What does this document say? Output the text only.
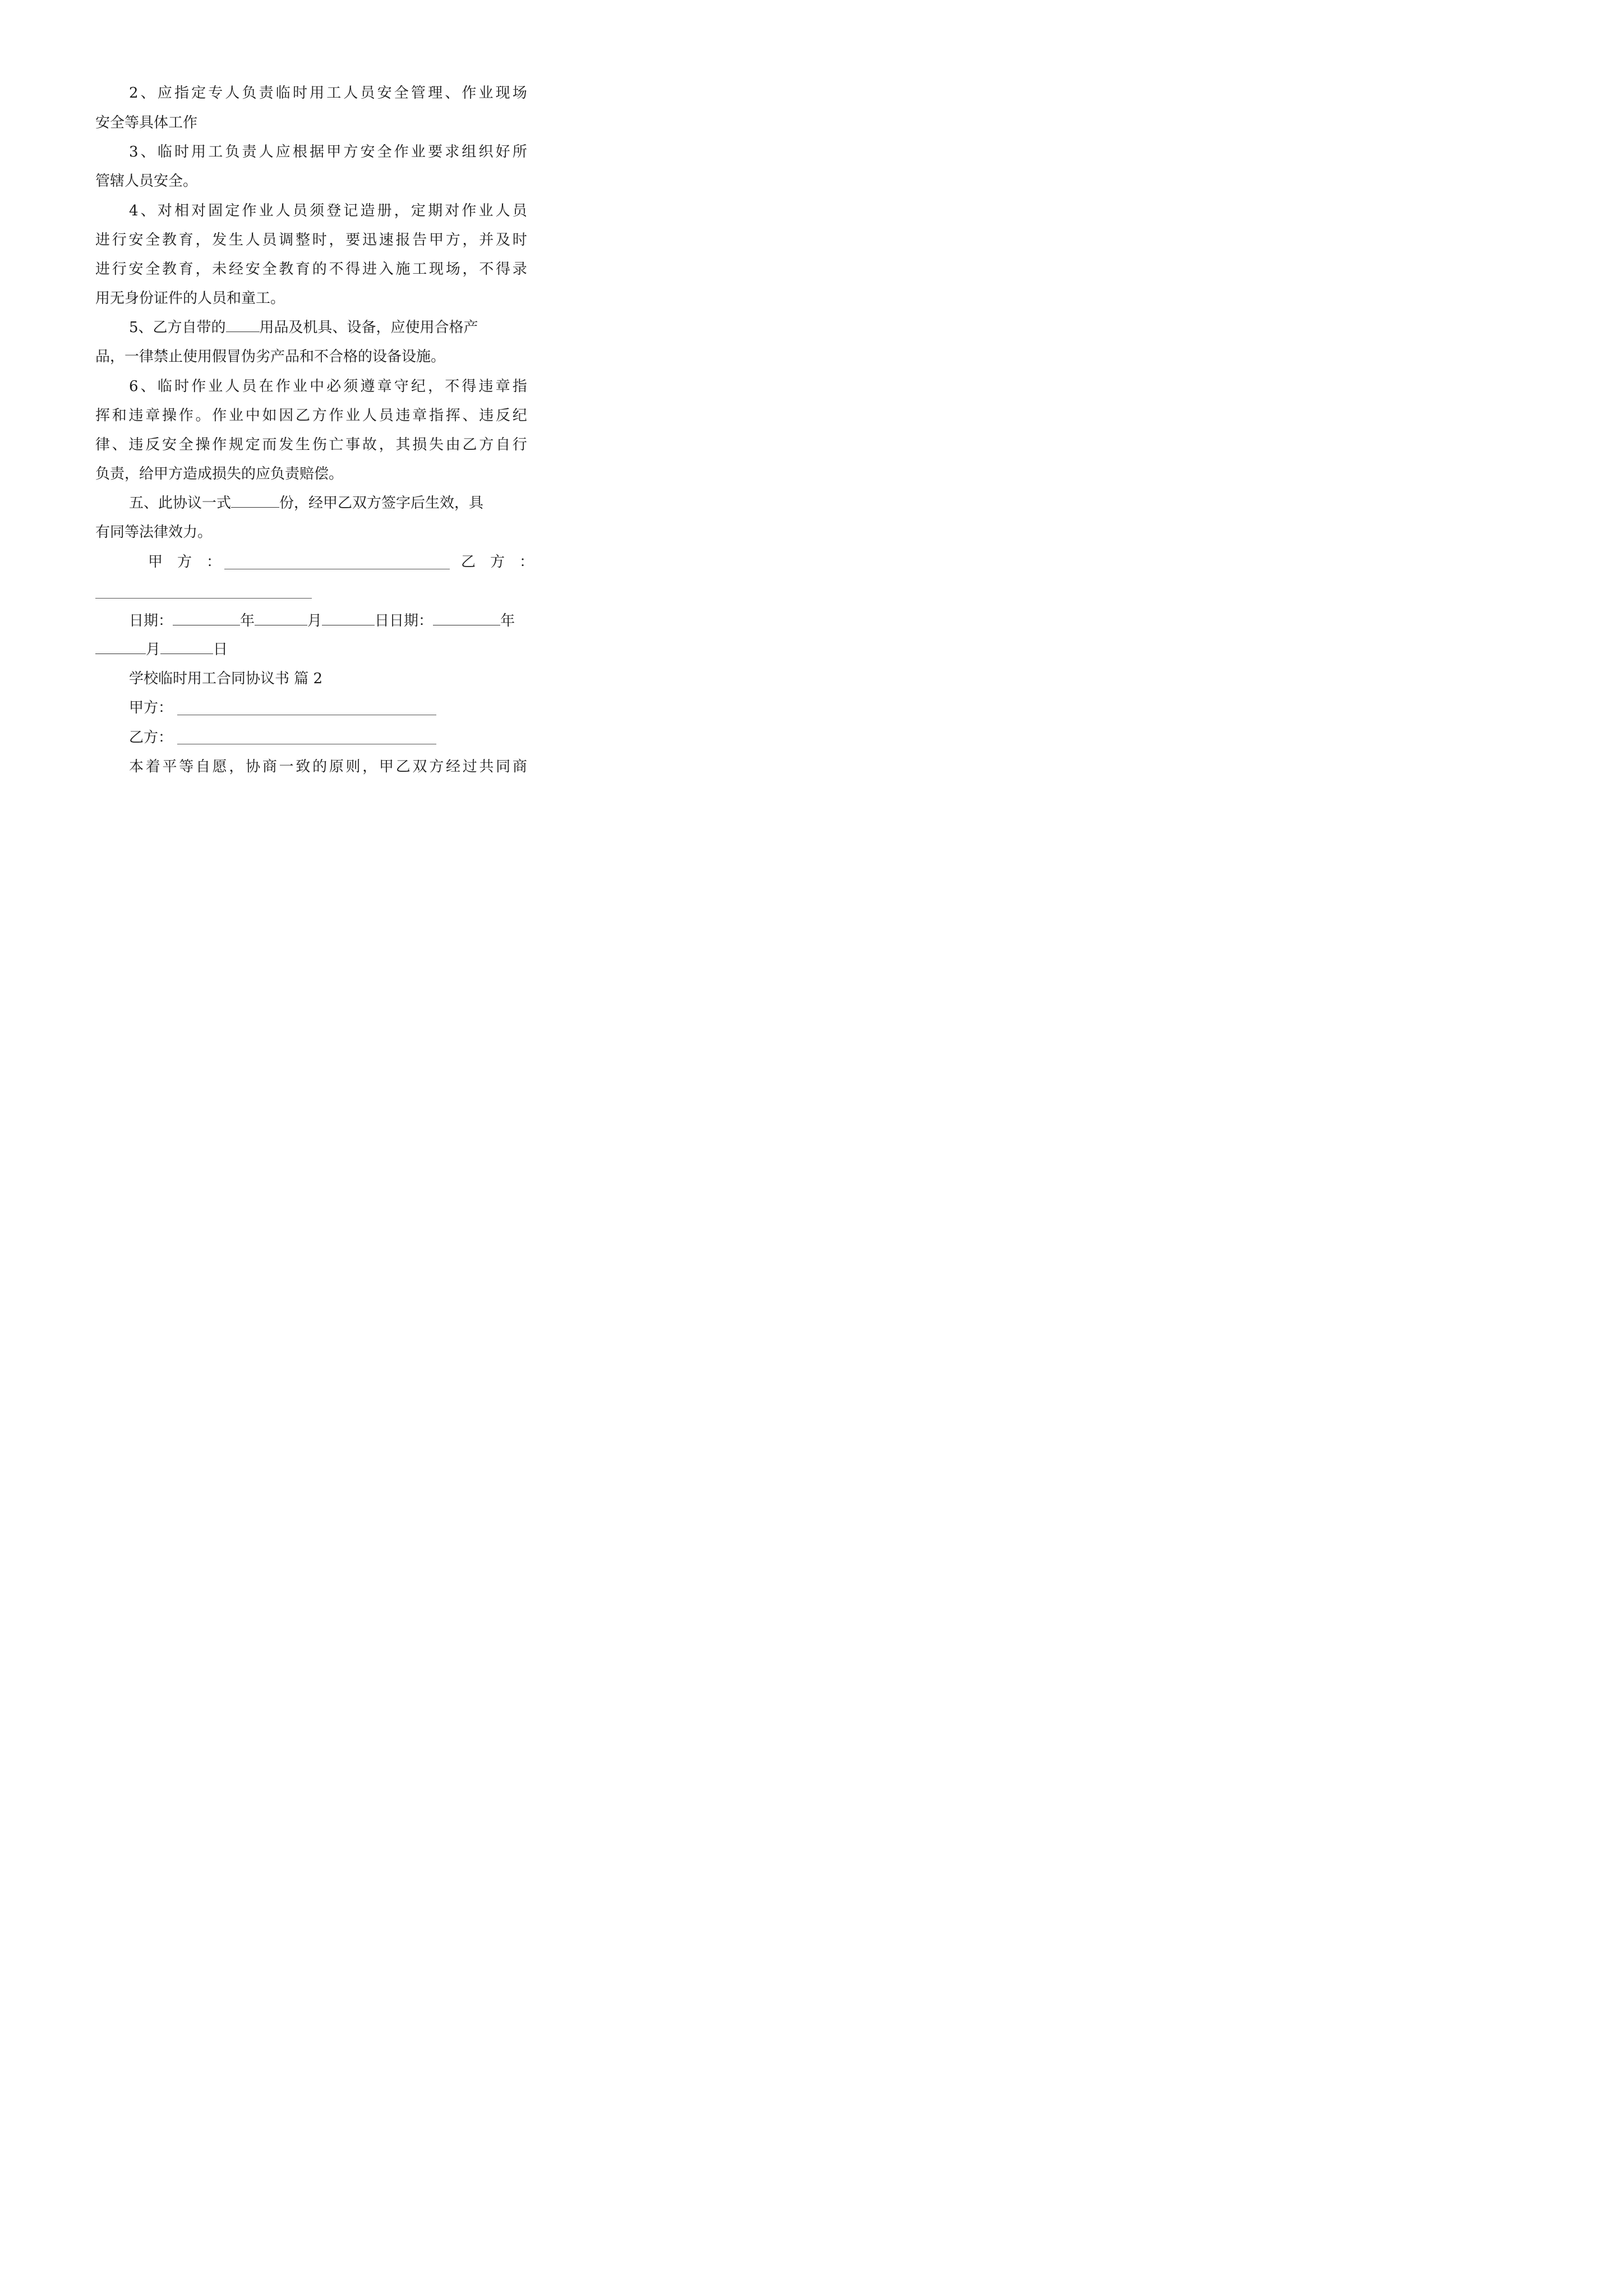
2 、 应 指 定 专 人 负 责 临 时 用 工 人 员 安 全 管 理 、 作 业 现 场
安全等具体工作
3 、 临 时 用 工 负 责 人 应 根 据 甲 方 安 全 作 业 要 求 组 织 好 所
管辖人员安全。
4 、 对 相 对 固 定 作 业 人 员 须 登 记 造 册 ， 定 期 对 作 业 人 员
进 行 安 全 教 育 ， 发 生 人 员 调 整 时 ， 要 迅 速 报 告 甲 方 ， 并 及 时
进 行 安 全 教 育 ， 未 经 安 全 教 育 的 不 得 进 入 施 工 现 场 ， 不 得 录
用无身份证件的人员和童工。
5、乙方自带的 用品及机具、设备，应使用合格产
品，一律禁止使用假冒伪劣产品和不合格的设备设施。
6 、 临 时 作 业 人 员 在 作 业 中 必 须 遵 章 守 纪 ， 不 得 违 章 指
挥 和 违 章 操 作 。 作 业 中 如 因 乙 方 作 业 人 员 违 章 指 挥 、 违 反 纪
律 、 违 反 安 全 操 作 规 定 而 发 生 伤 亡 事 故 ， 其 损 失 由 乙 方 自 行
负责，给甲方造成损失的应负责赔偿。
五、此协议一式	份，经甲乙双方签字后生效，具
有同等法律效力。
甲　方　：	乙　方　：
日期：	年	月	日日期：	年
月	日
学校临时用工合同协议书 篇 2
甲方：
乙方：
本 着 平 等 自 愿 ， 协 商 一 致 的 原 则 ， 甲 乙 双 方 经 过 共 同 商
